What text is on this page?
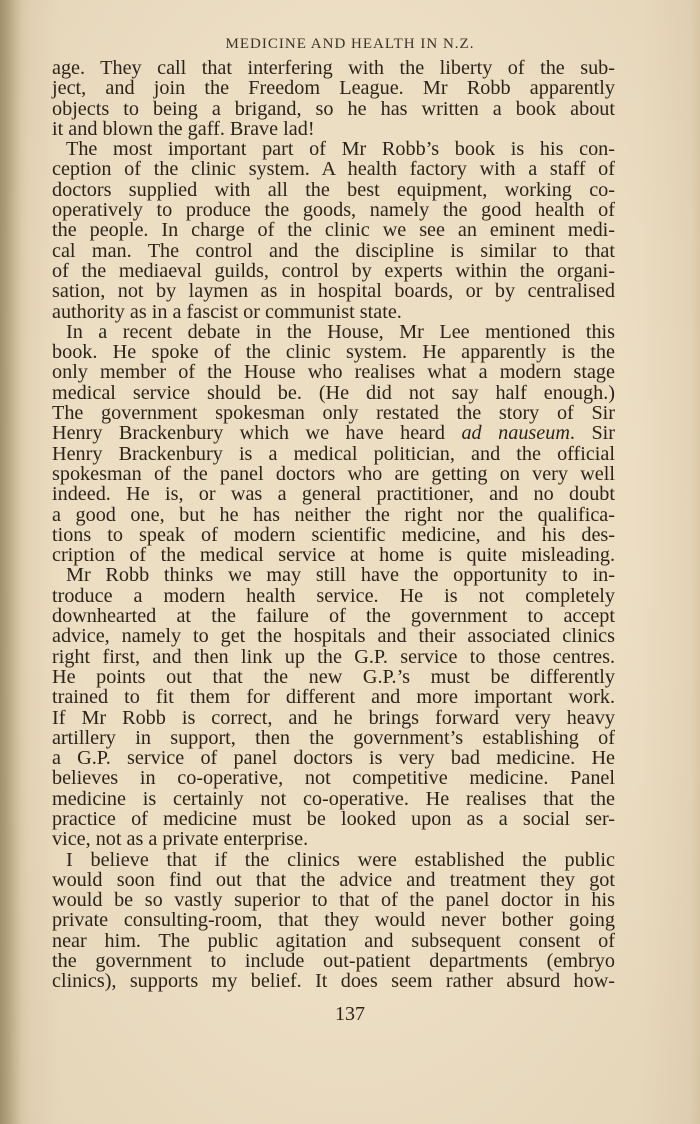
MEDICINE AND HEALTH IN N.Z.
age. They call that interfering with the liberty of the sub-
ject, and join the Freedom League. Mr Robb apparently
objects to being a brigand, so he has written a book about
it and blown the gaff. Brave lad!
The most important part of Mr Robb’s book is his con-
ception of the clinic system. A health factory with a staff of
doctors supplied with all the best equipment, working co-
operatively to produce the goods, namely the good health of
the people. In charge of the clinic we see an eminent medi-
cal man. The control and the discipline is similar to that
of the mediaeval guilds, control by experts within the organi-
sation, not by laymen as in hospital boards, or by centralised
authority as in a fascist or communist state.
In a recent debate in the House, Mr Lee mentioned this
book. He spoke of the clinic system. He apparently is the
only member of the House who realises what a modern stage
medical service should be. (He did not say half enough.)
The government spokesman only restated the story of Sir
Henry Brackenbury which we have heard ad nauseum. Sir
Henry Brackenbury is a medical politician, and the official
spokesman of the panel doctors who are getting on very well
indeed. He is, or was a general practitioner, and no doubt
a good one, but he has neither the right nor the qualifica-
tions to speak of modern scientific medicine, and his des-
cription of the medical service at home is quite misleading.
Mr Robb thinks we may still have the opportunity to in-
troduce a modern health service. He is not completely
downhearted at the failure of the government to accept
advice, namely to get the hospitals and their associated clinics
right first, and then link up the G.P. service to those centres.
He points out that the new G.P.’s must be differently
trained to fit them for different and more important work.
If Mr Robb is correct, and he brings forward very heavy
artillery in support, then the government’s establishing of
a G.P. service of panel doctors is very bad medicine. He
believes in co-operative, not competitive medicine. Panel
medicine is certainly not co-operative. He realises that the
practice of medicine must be looked upon as a social ser-
vice, not as a private enterprise.
I believe that if the clinics were established the public
would soon find out that the advice and treatment they got
would be so vastly superior to that of the panel doctor in his
private consulting-room, that they would never bother going
near him. The public agitation and subsequent consent of
the government to include out-patient departments (embryo
clinics), supports my belief. It does seem rather absurd how-
137
